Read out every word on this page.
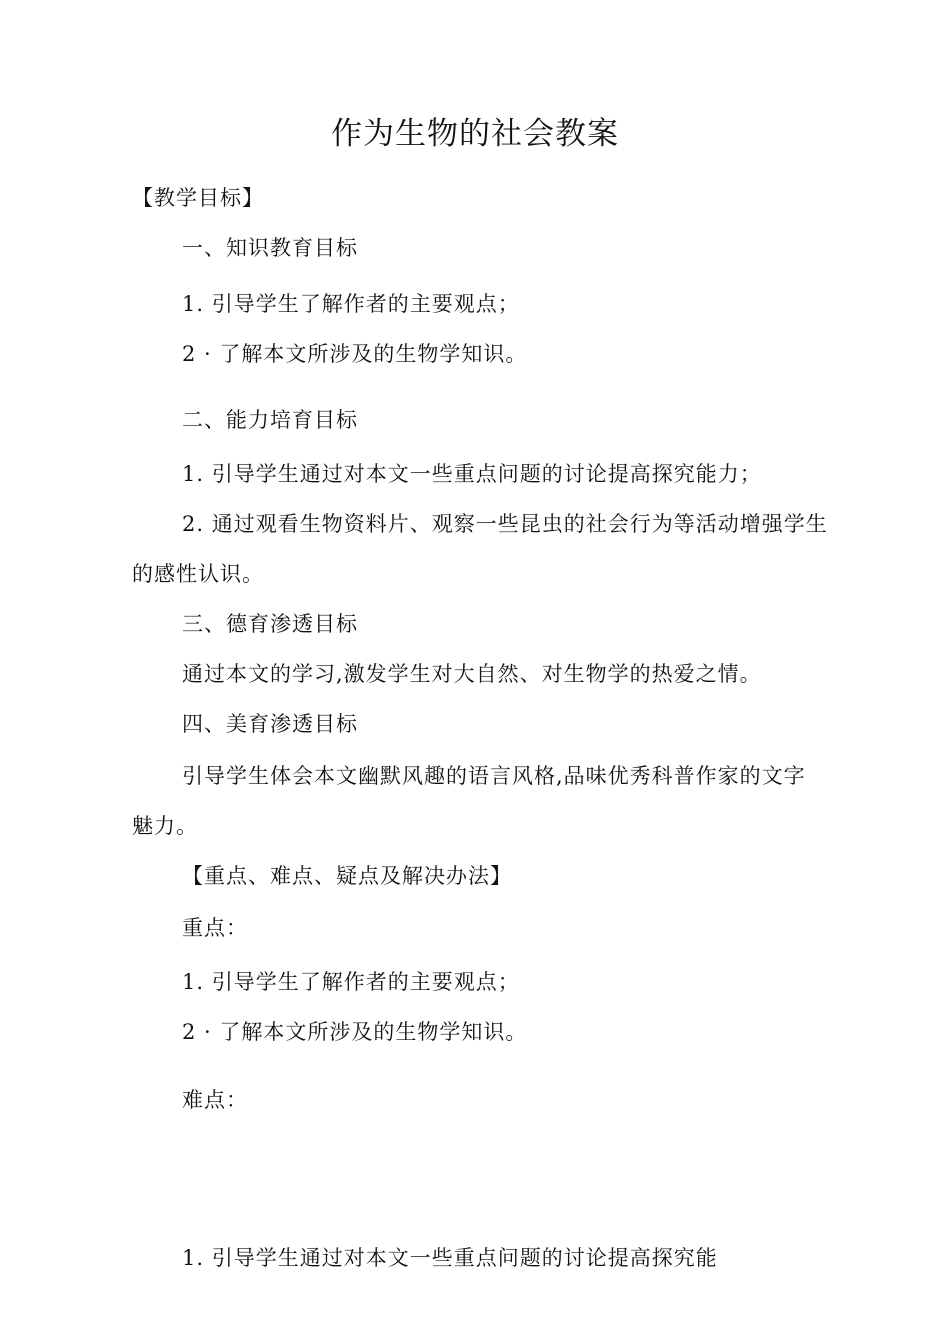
作为生物的社会教案
【教学目标】
一、知识教育目标
1. 引导学生了解作者的主要观点；
2 · 了解本文所涉及的生物学知识。
二、能力培育目标
1. 引导学生通过对本文一些重点问题的讨论提高探究能力；
2. 通过观看生物资料片、观察一些昆虫的社会行为等活动增强学生
的感性认识。
三、德育渗透目标
通过本文的学习,激发学生对大自然、对生物学的热爱之情。
四、美育渗透目标
引导学生体会本文幽默风趣的语言风格,品味优秀科普作家的文字
魅力。
【重点、难点、疑点及解决办法】
重点：
1. 引导学生了解作者的主要观点；
2 · 了解本文所涉及的生物学知识。
难点：
1. 引导学生通过对本文一些重点问题的讨论提高探究能
